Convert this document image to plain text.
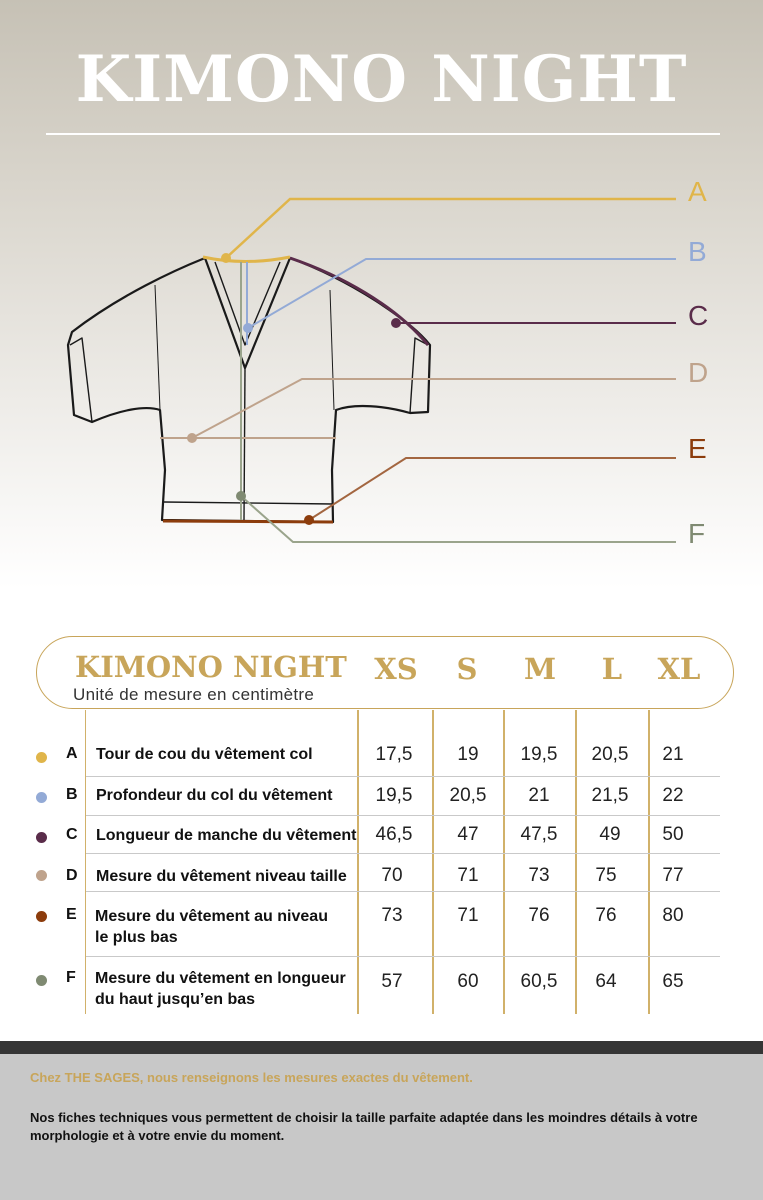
KIMONO NIGHT
A
B
C
D
E
F
KIMONO NIGHT
Unité de mesure en centimètre
XS	S	M	L	XL
A Tour de cou du vêtement col	17,5	19	19,5	20,5	21
B Profondeur du col du vêtement	19,5	20,5	21	21,5	22
C Longueur de manche du vêtement	46,5	47	47,5	49	50
D Mesure du vêtement niveau taille	70	71	73	75	77
E Mesure du vêtement au niveau
le plus bas
73	71	76	76	80
F Mesure du vêtement en longueur
du haut jusqu’en bas
57	60	60,5	64	65
Chez THE SAGES, nous renseignons les mesures exactes du vêtement.
Nos fiches techniques vous permettent de choisir la taille parfaite adaptée dans les moindres détails à votre morphologie et à votre envie du moment.
